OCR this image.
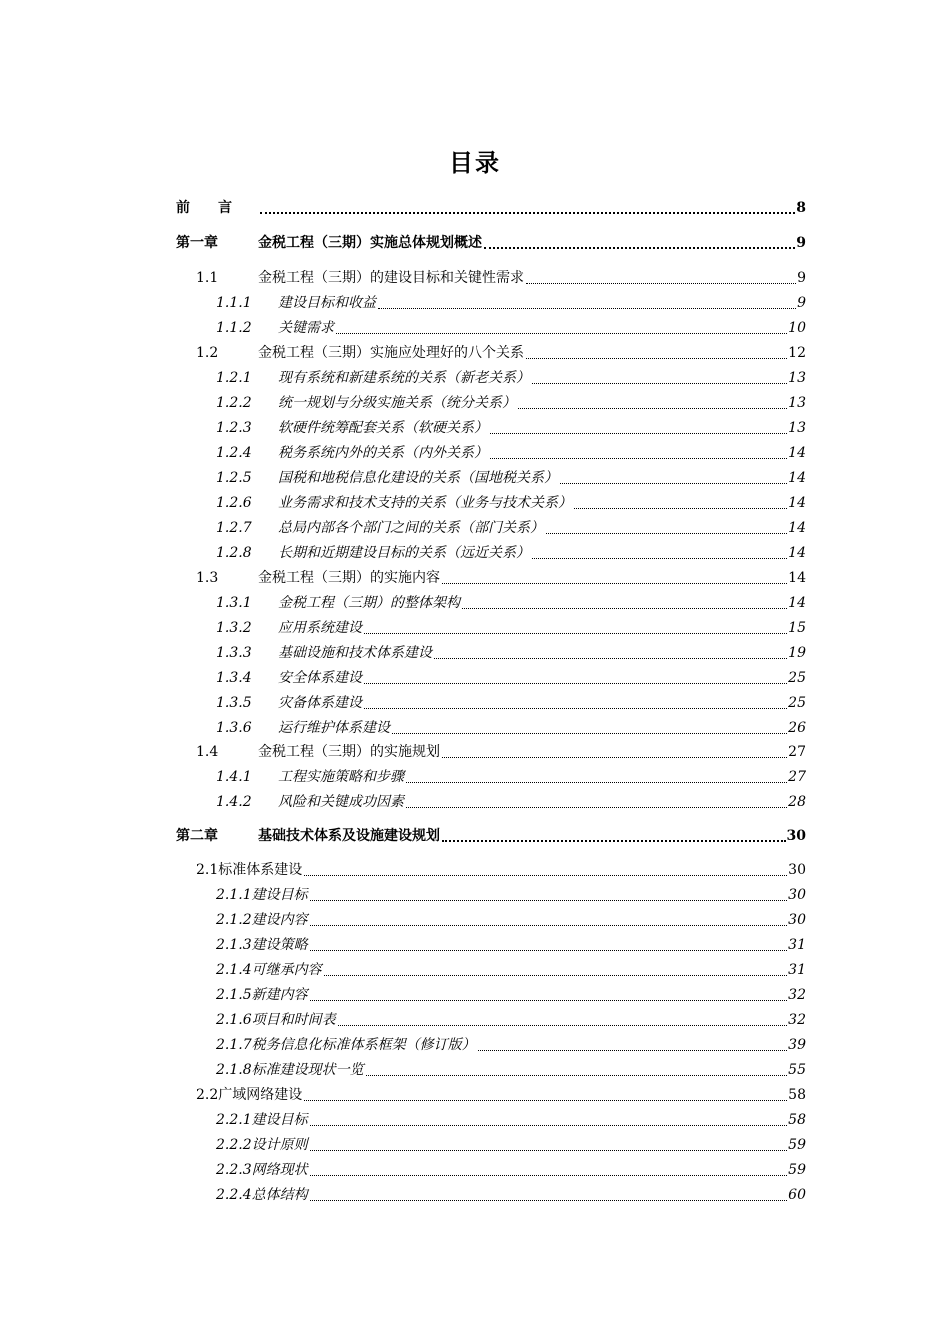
目录
前　　言	8
第一章	金税工程（三期）实施总体规划概述	9
1.1	金税工程（三期）的建设目标和关键性需求	9
1.1.1	建设目标和收益	9
1.1.2	关键需求	10
1.2	金税工程（三期）实施应处理好的八个关系	12
1.2.1	现有系统和新建系统的关系（新老关系）	13
1.2.2	统一规划与分级实施关系（统分关系）	13
1.2.3	软硬件统筹配套关系（软硬关系）	13
1.2.4	税务系统内外的关系（内外关系）	14
1.2.5	国税和地税信息化建设的关系（国地税关系）	14
1.2.6	业务需求和技术支持的关系（业务与技术关系）	14
1.2.7	总局内部各个部门之间的关系（部门关系）	14
1.2.8	长期和近期建设目标的关系（远近关系）	14
1.3	金税工程（三期）的实施内容	14
1.3.1	金税工程（三期）的整体架构	14
1.3.2	应用系统建设	15
1.3.3	基础设施和技术体系建设	19
1.3.4	安全体系建设	25
1.3.5	灾备体系建设	25
1.3.6	运行维护体系建设	26
1.4	金税工程（三期）的实施规划	27
1.4.1	工程实施策略和步骤	27
1.4.2	风险和关键成功因素	28
第二章	基础技术体系及设施建设规划	30
2.1 标准体系建设	30
2.1.1 建设目标	30
2.1.2 建设内容	30
2.1.3 建设策略	31
2.1.4 可继承内容	31
2.1.5 新建内容	32
2.1.6 项目和时间表	32
2.1.7 税务信息化标准体系框架（修订版）	39
2.1.8 标准建设现状一览	55
2.2 广域网络建设	58
2.2.1 建设目标	58
2.2.2 设计原则	59
2.2.3 网络现状	59
2.2.4 总体结构	60
